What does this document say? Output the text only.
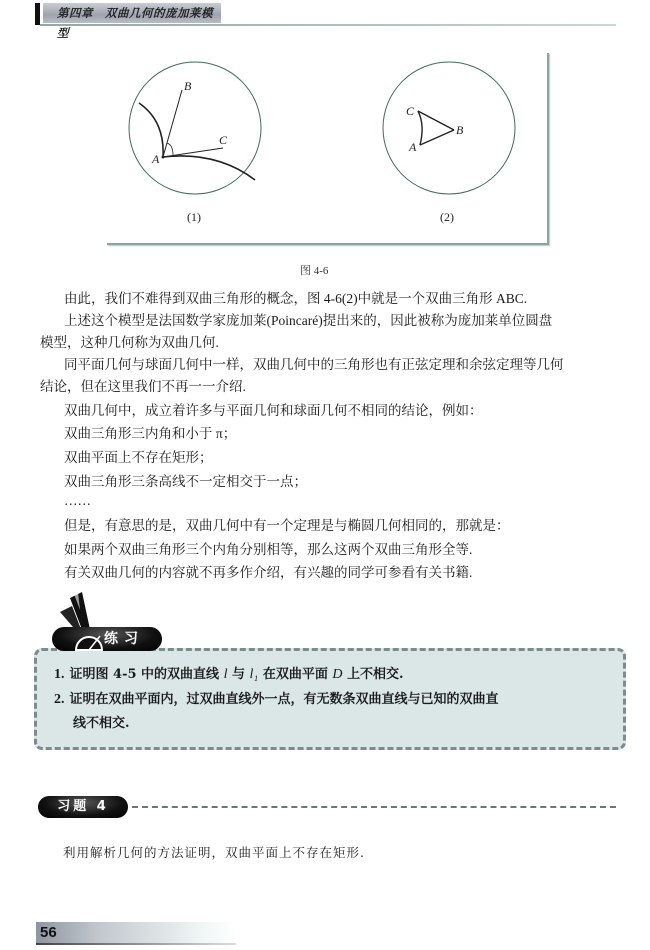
第四章 双曲几何的庞加莱模型
A
B
C
C
B
A
(1)	(2)
图 4-6
由此，我们不难得到双曲三角形的概念，图 4-6(2)中就是一个双曲三角形 ABC.
上述这个模型是法国数学家庞加莱(Poincaré)提出来的，因此被称为庞加莱单位圆盘
模型，这种几何称为双曲几何.
同平面几何与球面几何中一样，双曲几何中的三角形也有正弦定理和余弦定理等几何
结论，但在这里我们不再一一介绍.
双曲几何中，成立着许多与平面几何和球面几何不相同的结论，例如：
双曲三角形三内角和小于 π；
双曲平面上不存在矩形；
双曲三角形三条高线不一定相交于一点；
……
但是，有意思的是，双曲几何中有一个定理是与椭圆几何相同的，那就是：
如果两个双曲三角形三个内角分别相等，那么这两个双曲三角形全等.
有关双曲几何的内容就不再多作介绍，有兴趣的同学可参看有关书籍.
练习
1. 证明图 4-5 中的双曲直线 l 与 l₁ 在双曲平面 D 上不相交.
2. 证明在双曲平面内，过双曲直线外一点，有无数条双曲直线与已知的双曲直
线不相交.
习题 4
利用解析几何的方法证明，双曲平面上不存在矩形.
56
